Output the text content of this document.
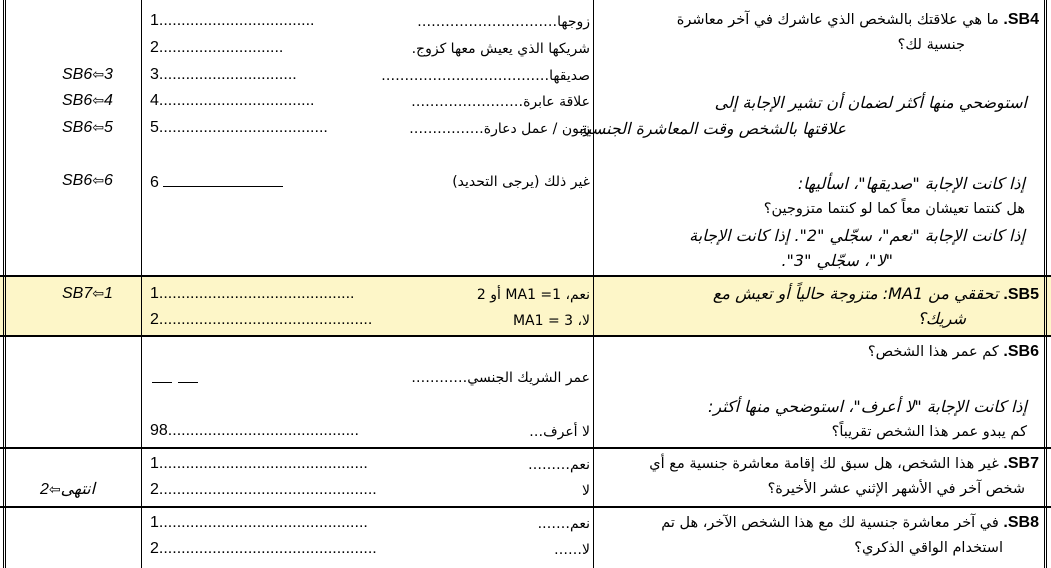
SB4. ما هي علاقتك بالشخص الذي عاشرك في آخر معاشرة
جنسية لك؟
استوضحي منها أكثر لضمان أن تشير الإجابة إلى
علاقتها بالشخص وقت المعاشرة الجنسية
إذا كانت الإجابة "صديقها"، اسأليها:
هل كنتما تعيشان معاً كما لو كنتما متزوجين؟
إذا كانت الإجابة "نعم"، سجّلي "2". إذا كانت الإجابة
"لا"، سجّلي "3".
زوجها…………………………
1...................................
شريكها الذي يعيش معها كزوج.
2............................
صديقها………………………………
3...............................
علاقة عابرة……………………
4...................................
زبون / عمل دعارة…………….
5......................................
غير ذلك (يرجى التحديد)
6
SB6⇦3
SB6⇦4
SB6⇦5
SB6⇦6
SB5. تحققي من MA1: متزوجة حالياً أو تعيش مع
شريك؟
نعم، MA1 =1 أو 2
1............................................
لا، MA1 = 3
2................................................
SB7⇦1
SB6. كم عمر هذا الشخص؟
إذا كانت الإجابة "لا أعرف"، استوضحي منها أكثر:
كم يبدو عمر هذا الشخص تقريباً؟
عمر الشريك الجنسي…………
لا أعرف…
98...........................................
SB7. غير هذا الشخص، هل سبق لك إقامة معاشرة جنسية مع أي
شخص آخر في الأشهر الإثني عشر الأخيرة؟
نعم………
1...............................................
لا
2.................................................
انتهى⇦2
SB8. في آخر معاشرة جنسية لك مع هذا الشخص الآخر، هل تم
استخدام الواقي الذكري؟
نعم…….
1...............................................
لا……
2.................................................
